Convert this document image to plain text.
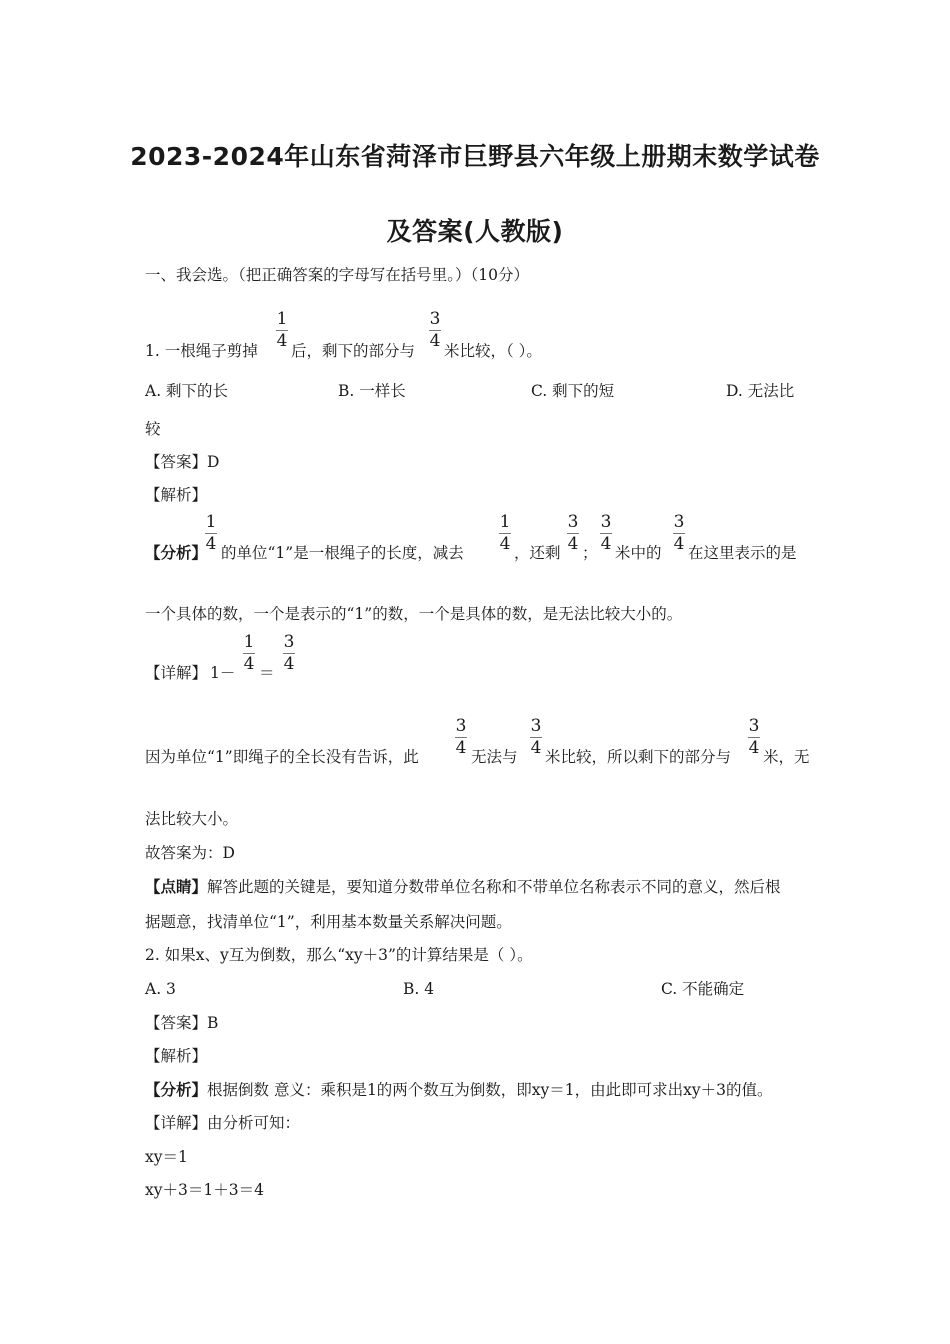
2023-2024年山东省菏泽市巨野县六年级上册期末数学试卷
及答案(人教版)
一、我会选。（把正确答案的字母写在括号里。）（10分）
1. 一根绳子剪掉
1
4 后，剩下的部分与
3
4 米比较，（ ）。
A. 剩下的长	B. 一样长	C. 剩下的短	D. 无法比
较
【答案】D
【解析】
【分析】
1
4 的单位“1”是一根绳子的长度，减去
1
4 ，还剩
3
4 ；
3
4 米中的
3
4 在这里表示的是
一个具体的数，一个是表示的“1”的数，一个是具体的数，是无法比较大小的。
【详解】 1－
1
4 ＝
3
4
因为单位“1”即绳子的全长没有告诉，此
3
4 无法与
3
4 米比较，所以剩下的部分与
3
4 米，无
法比较大小。
故答案为：D
【点睛】解答此题的关键是，要知道分数带单位名称和不带单位名称表示不同的意义，然后根
据题意，找清单位“1”，利用基本数量关系解决问题。
2. 如果x、y互为倒数，那么“xy＋3”的计算结果是（ ）。
A. 3	B. 4	C. 不能确定
【答案】B
【解析】
【分析】根据倒数 意义：乘积是1的两个数互为倒数，即xy＝1，由此即可求出xy＋3的值。
【详解】由分析可知：
xy＝1
xy＋3＝1＋3＝4
